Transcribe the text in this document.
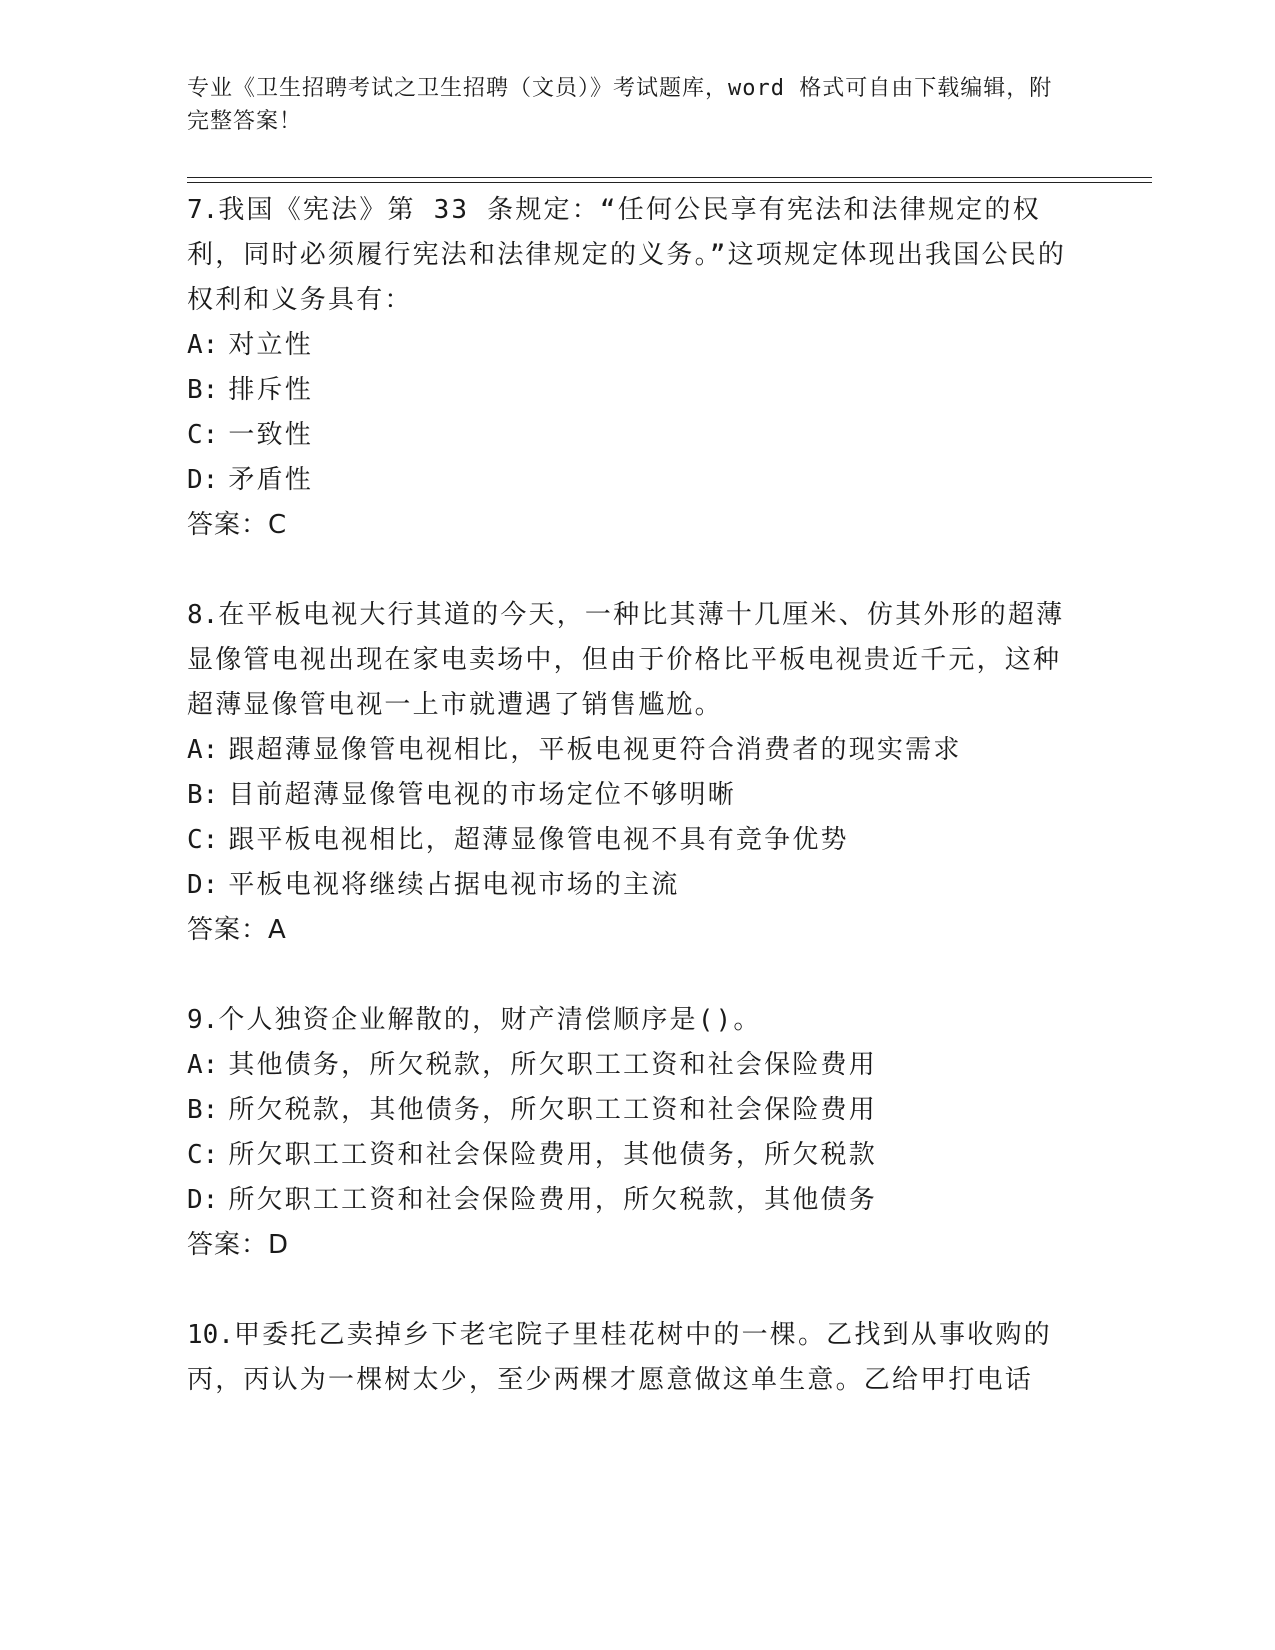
专业《卫生招聘考试之卫生招聘（文员）》考试题库，word 格式可自由下载编辑，附完整答案！

7.我国《宪法》第 33 条规定：“任何公民享有宪法和法律规定的权利，同时必须履行宪法和法律规定的义务。”这项规定体现出我国公民的权利和义务具有：

A: 对立性

B: 排斥性

C: 一致性

D: 矛盾性

答案：C

8.在平板电视大行其道的今天，一种比其薄十几厘米、仿其外形的超薄显像管电视出现在家电卖场中，但由于价格比平板电视贵近千元，这种超薄显像管电视一上市就遭遇了销售尴尬。

A: 跟超薄显像管电视相比，平板电视更符合消费者的现实需求

B: 目前超薄显像管电视的市场定位不够明晰

C: 跟平板电视相比，超薄显像管电视不具有竞争优势

D: 平板电视将继续占据电视市场的主流

答案：A

9.个人独资企业解散的，财产清偿顺序是()。

A: 其他债务，所欠税款，所欠职工工资和社会保险费用

B: 所欠税款，其他债务，所欠职工工资和社会保险费用

C: 所欠职工工资和社会保险费用，其他债务，所欠税款

D: 所欠职工工资和社会保险费用，所欠税款，其他债务

答案：D

10.甲委托乙卖掉乡下老宅院子里桂花树中的一棵。乙找到从事收购的丙，丙认为一棵树太少，至少两棵才愿意做这单生意。乙给甲打电话
